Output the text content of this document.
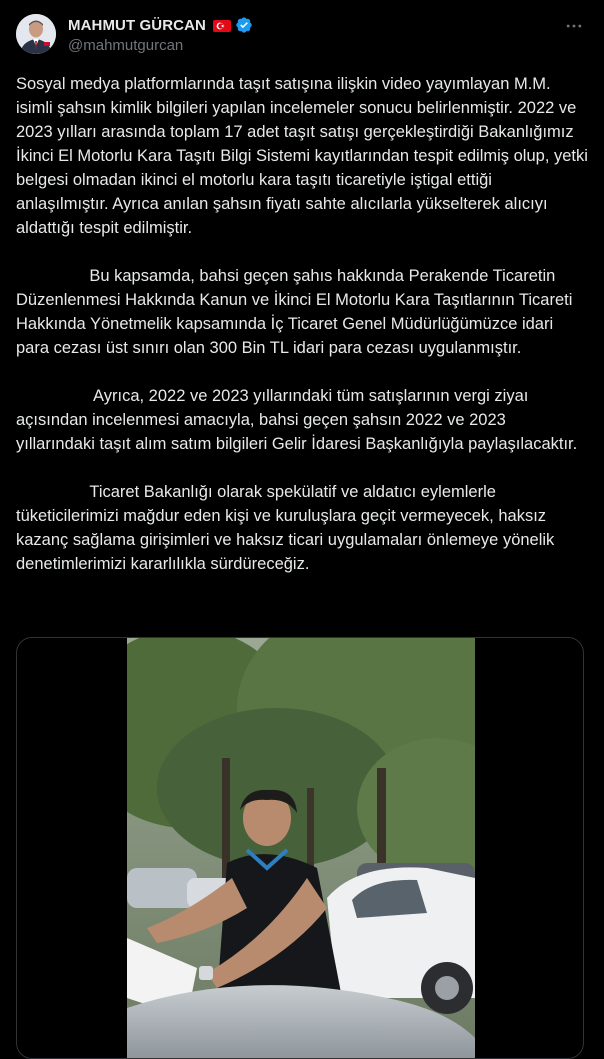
MAHMUT GÜRCAN
@mahmutgurcan

Sosyal medya platformlarında taşıt satışına ilişkin video yayımlayan M.M. isimli şahsın kimlik bilgileri yapılan incelemeler sonucu belirlenmiştir. 2022 ve 2023 yılları arasında toplam 17 adet taşıt satışı gerçekleştirdiği Bakanlığımız İkinci El Motorlu Kara Taşıtı Bilgi Sistemi kayıtlarından tespit edilmiş olup, yetki belgesi olmadan ikinci el motorlu kara taşıtı ticaretiyle iştigal ettiği anlaşılmıştır. Ayrıca anılan şahsın fiyatı sahte alıcılarla yükselterek alıcıyı aldattığı tespit edilmiştir.

		Bu kapsamda, bahsi geçen şahıs hakkında Perakende Ticaretin Düzenlenmesi Hakkında Kanun ve İkinci El Motorlu Kara Taşıtlarının Ticareti Hakkında Yönetmelik kapsamında İç Ticaret Genel Müdürlüğümüzce idari para cezası üst sınırı olan 300 Bin TL idari para cezası uygulanmıştır.

		Ayrıca, 2022 ve 2023 yıllarındaki tüm satışlarının vergi ziyaı açısından incelenmesi amacıyla, bahsi geçen şahsın 2022 ve 2023 yıllarındaki taşıt alım satım bilgileri Gelir İdaresi Başkanlığıyla paylaşılacaktır.

		Ticaret Bakanlığı olarak spekülatif ve aldatıcı eylemlerle tüketicilerimizi mağdur eden kişi ve kuruluşlara geçit vermeyecek, haksız kazanç sağlama girişimleri ve haksız ticari uygulamaları önlemeye yönelik denetimlerimizi kararlılıkla sürdüreceğiz.
